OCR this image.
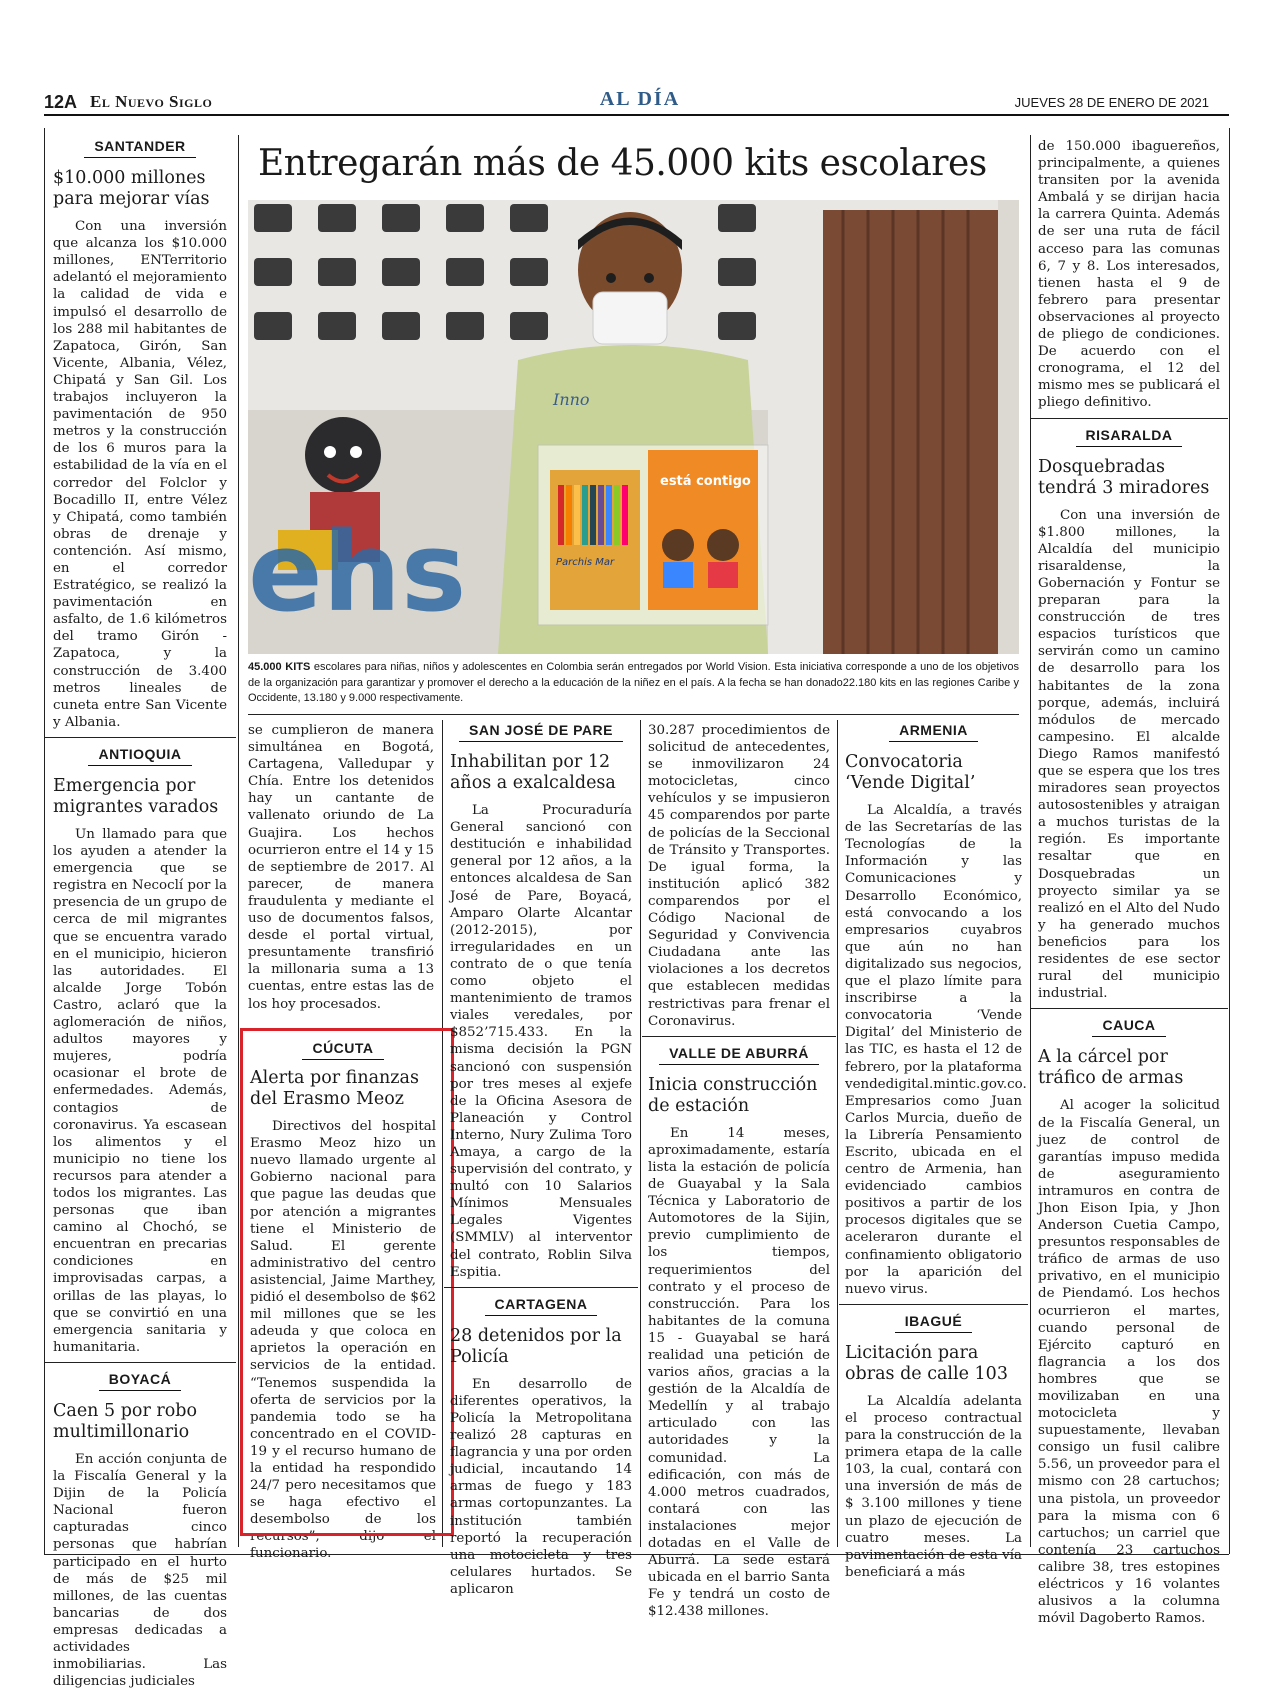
12A El Nuevo Siglo	AL DÍA	JUEVES 28 DE ENERO DE 2021
Entregarán más de 45.000 kits escolares
ehs
Inno
Parchis Mar
está contigo
45.000 KITS escolares para niñas, niños y adolescentes en Colombia serán entregados por World Vision. Esta iniciativa corresponde a uno de los objetivos de la organización para garantizar y promover el derecho a la educación de la niñez en el país. A la fecha se han donado22.180 kits en las regiones Caribe y Occidente, 13.180 y 9.000 respectivamente.
SANTANDER
$10.000 millones para mejorar vías

Con una inversión que alcanza los $10.000 millones, ENTerritorio adelantó el mejoramiento la calidad de vida e impulsó el desarrollo de los 288 mil habitantes de Zapatoca, Girón, San Vicente, Albania, Vélez, Chipatá y San Gil. Los trabajos incluyeron la pavimentación de 950 metros y la construcción de los 6 muros para la estabilidad de la vía en el corredor del Folclor y Bocadillo II, entre Vélez y Chipatá, como también obras de drenaje y contención. Así mismo, en el corredor Estratégico, se realizó la pavimentación en asfalto, de 1.6 kilómetros del tramo Girón - Zapatoca, y la construcción de 3.400 metros lineales de cuneta entre San Vicente y Albania.

ANTIOQUIA
Emergencia por migrantes varados

Un llamado para que los ayuden a atender la emergencia que se registra en Necoclí por la presencia de un grupo de cerca de mil migrantes que se encuentra varado en el municipio, hicieron las autoridades. El alcalde Jorge Tobón Castro, aclaró que la aglomeración de niños, adultos mayores y mujeres, podría ocasionar el brote de enfermedades. Además, contagios de coronavirus. Ya escasean los alimentos y el municipio no tiene los recursos para atender a todos los migrantes. Las personas que iban camino al Chochó, se encuentran en precarias condiciones en improvisadas carpas, a orillas de las playas, lo que se convirtió en una emergencia sanitaria y humanitaria.

BOYACÁ
Caen 5 por robo multimillonario

En acción conjunta de la Fiscalía General y la Dijin de la Policía Nacional fueron capturadas cinco personas que habrían participado en el hurto de más de $25 mil millones, de las cuentas bancarias de dos empresas dedicadas a actividades inmobiliarias. Las diligencias judiciales

se cumplieron de manera simultánea en Bogotá, Cartagena, Valledupar y Chía. Entre los detenidos hay un cantante de vallenato oriundo de La Guajira. Los hechos ocurrieron entre el 14 y 15 de septiembre de 2017. Al parecer, de manera fraudulenta y mediante el uso de documentos falsos, desde el portal virtual, presuntamente transfirió la millonaria suma a 13 cuentas, entre estas las de los hoy procesados.

CÚCUTA
Alerta por finanzas del Erasmo Meoz

Directivos del hospital Erasmo Meoz hizo un nuevo llamado urgente al Gobierno nacional para que pague las deudas que por atención a migrantes tiene el Ministerio de Salud. El gerente administrativo del centro asistencial, Jaime Marthey, pidió el desembolso de $62 mil millones que se les adeuda y que coloca en aprietos la operación en servicios de la entidad. “Tenemos suspendida la oferta de servicios por la pandemia todo se ha concentrado en el COVID-19 y el recurso humano de la entidad ha respondido 24/7 pero necesitamos que se haga efectivo el desembolso de los recursos”, dijo el funcionario.

SAN JOSÉ DE PARE
Inhabilitan por 12 años a exalcaldesa

La Procuraduría General sancionó con destitución e inhabilidad general por 12 años, a la entonces alcaldesa de San José de Pare, Boyacá, Amparo Olarte Alcantar (2012-2015), por irregularidades en un contrato de o que tenía como objeto el mantenimiento de tramos viales veredales, por $852’715.433. En la misma decisión la PGN sancionó con suspensión por tres meses al exjefe de la Oficina Asesora de Planeación y Control Interno, Nury Zulima Toro Amaya, a cargo de la supervisión del contrato, y multó con 10 Salarios Mínimos Mensuales Legales Vigentes (SMMLV) al interventor del contrato, Roblin Silva Espitia.

CARTAGENA
28 detenidos por la Policía

En desarrollo de diferentes operativos, la Policía la Metropolitana realizó 28 capturas en flagrancia y una por orden judicial, incautando 14 armas de fuego y 183 armas cortopunzantes. La institución también reportó la recuperación una motocicleta y tres celulares hurtados. Se aplicaron

30.287 procedimientos de solicitud de antecedentes, se inmovilizaron 24 motocicletas, cinco vehículos y se impusieron 45 comparendos por parte de policías de la Seccional de Tránsito y Transportes. De igual forma, la institución aplicó 382 comparendos por el Código Nacional de Seguridad y Convivencia Ciudadana ante las violaciones a los decretos que establecen medidas restrictivas para frenar el Coronavirus.

VALLE DE ABURRÁ
Inicia construcción de estación

En 14 meses, aproximadamente, estaría lista la estación de policía de Guayabal y la Sala Técnica y Laboratorio de Automotores de la Sijin, previo cumplimiento de los tiempos, requerimientos del contrato y el proceso de construcción. Para los habitantes de la comuna 15 - Guayabal se hará realidad una petición de varios años, gracias a la gestión de la Alcaldía de Medellín y al trabajo articulado con las autoridades y la comunidad. La edificación, con más de 4.000 metros cuadrados, contará con las instalaciones mejor dotadas en el Valle de Aburrá. La sede estará ubicada en el barrio Santa Fe y tendrá un costo de $12.438 millones.

ARMENIA
Convocatoria ‘Vende Digital’

La Alcaldía, a través de las Secretarías de las Tecnologías de la Información y las Comunicaciones y Desarrollo Económico, está convocando a los empresarios cuyabros que aún no han digitalizado sus negocios, que el plazo límite para inscribirse a la convocatoria ‘Vende Digital’ del Ministerio de las TIC, es hasta el 12 de febrero, por la plataforma vendedigital.mintic.gov.co. Empresarios como Juan Carlos Murcia, dueño de la Librería Pensamiento Escrito, ubicada en el centro de Armenia, han evidenciado cambios positivos a partir de los procesos digitales que se aceleraron durante el confinamiento obligatorio por la aparición del nuevo virus.

IBAGUÉ
Licitación para obras de calle 103

La Alcaldía adelanta el proceso contractual para la construcción de la primera etapa de la calle 103, la cual, contará con una inversión de más de $ 3.100 millones y tiene un plazo de ejecución de cuatro meses. La pavimentación de esta vía beneficiará a más

de 150.000 ibaguereños, principalmente, a quienes transiten por la avenida Ambalá y se dirijan hacia la carrera Quinta. Además de ser una ruta de fácil acceso para las comunas 6, 7 y 8. Los interesados, tienen hasta el 9 de febrero para presentar observaciones al proyecto de pliego de condiciones. De acuerdo con el cronograma, el 12 del mismo mes se publicará el pliego definitivo.

RISARALDA
Dosquebradas tendrá 3 miradores

Con una inversión de $1.800 millones, la Alcaldía del municipio risaraldense, la Gobernación y Fontur se preparan para la construcción de tres espacios turísticos que servirán como un camino de desarrollo para los habitantes de la zona porque, además, incluirá módulos de mercado campesino. El alcalde Diego Ramos manifestó que se espera que los tres miradores sean proyectos autosostenibles y atraigan a muchos turistas de la región. Es importante resaltar que en Dosquebradas un proyecto similar ya se realizó en el Alto del Nudo y ha generado muchos beneficios para los residentes de ese sector rural del municipio industrial.

CAUCA
A la cárcel por tráfico de armas

Al acoger la solicitud de la Fiscalía General, un juez de control de garantías impuso medida de aseguramiento intramuros en contra de Jhon Eison Ipia, y Jhon Anderson Cuetia Campo, presuntos responsables de tráfico de armas de uso privativo, en el municipio de Piendamó. Los hechos ocurrieron el martes, cuando personal de Ejército capturó en flagrancia a los dos hombres que se movilizaban en una motocicleta y supuestamente, llevaban consigo un fusil calibre 5.56, un proveedor para el mismo con 28 cartuchos; una pistola, un proveedor para la misma con 6 cartuchos; un carriel que contenía 23 cartuchos calibre 38, tres estopines eléctricos y 16 volantes alusivos a la columna móvil Dagoberto Ramos.
